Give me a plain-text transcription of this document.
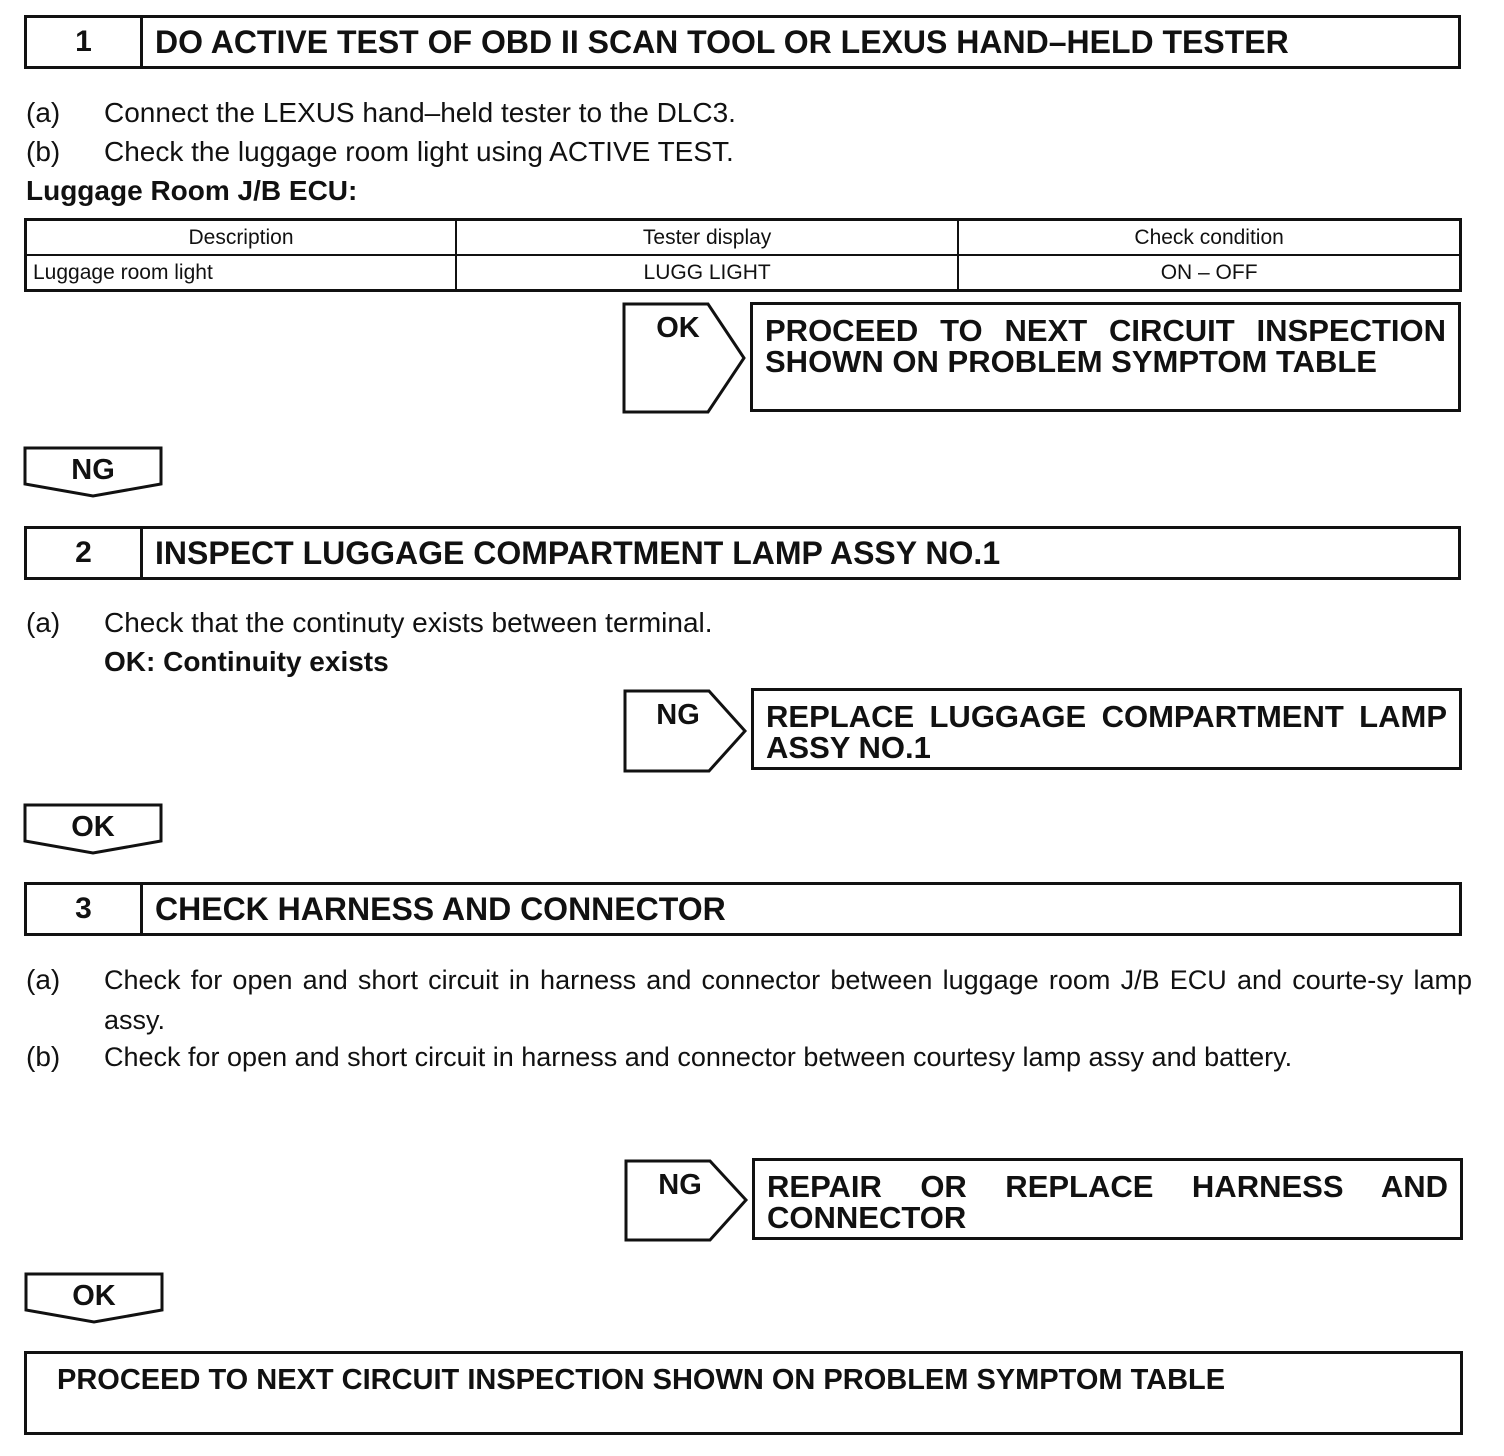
1	DO ACTIVE TEST OF OBD II SCAN TOOL OR LEXUS HAND–HELD TESTER
(a) Connect the LEXUS hand–held tester to the DLC3.
(b) Check the luggage room light using ACTIVE TEST.
Luggage Room J/B ECU:
Description	Tester display	Check condition
Luggage room light	LUGG LIGHT	ON – OFF
OK	PROCEED TO NEXT CIRCUIT INSPECTION SHOWN ON PROBLEM SYMPTOM TABLE
NG
2	INSPECT LUGGAGE COMPARTMENT LAMP ASSY NO.1
(a) Check that the continuty exists between terminal.
OK: Continuity exists
NG	REPLACE LUGGAGE COMPARTMENT LAMP ASSY NO.1
OK
3	CHECK HARNESS AND CONNECTOR
(a) Check for open and short circuit in harness and connector between luggage room J/B ECU and courte-sy lamp assy.
(b) Check for open and short circuit in harness and connector between courtesy lamp assy and battery.
NG	REPAIR OR REPLACE HARNESS AND CONNECTOR
OK
PROCEED TO NEXT CIRCUIT INSPECTION SHOWN ON PROBLEM SYMPTOM TABLE
